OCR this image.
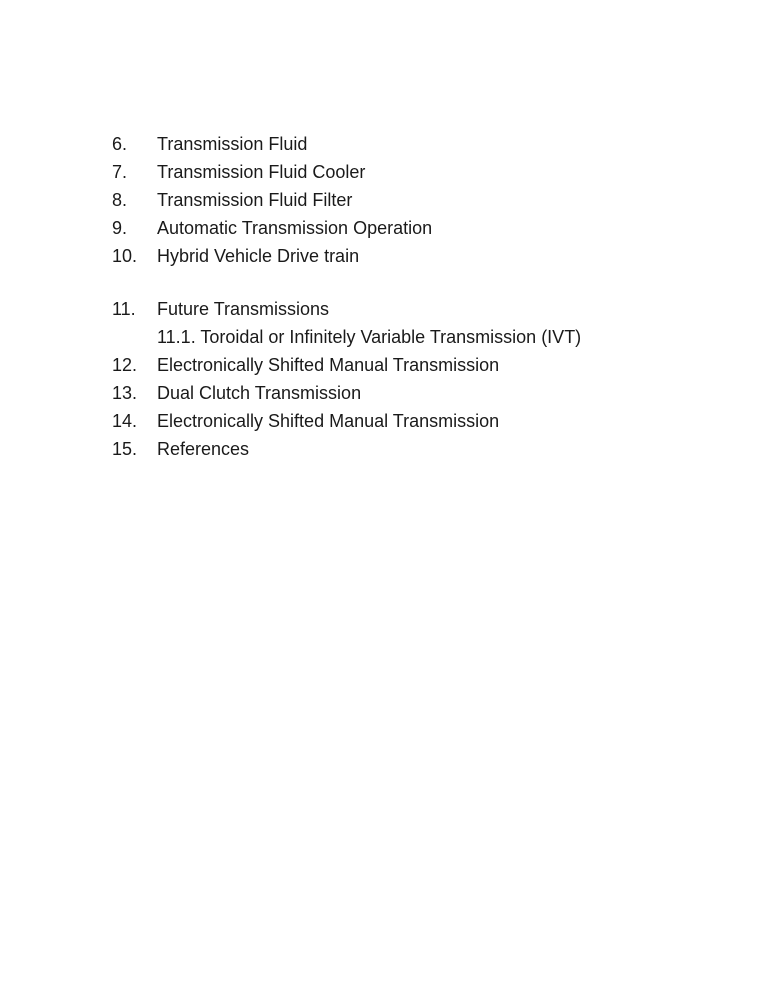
6.	Transmission Fluid
7.	Transmission Fluid Cooler
8.	Transmission Fluid Filter
9.	Automatic Transmission Operation
10.	Hybrid Vehicle Drive train
11.	Future Transmissions
11.1. Toroidal or Infinitely Variable Transmission (IVT)
12.	Electronically Shifted Manual Transmission
13.	Dual Clutch Transmission
14.	Electronically Shifted Manual Transmission
15.	References
